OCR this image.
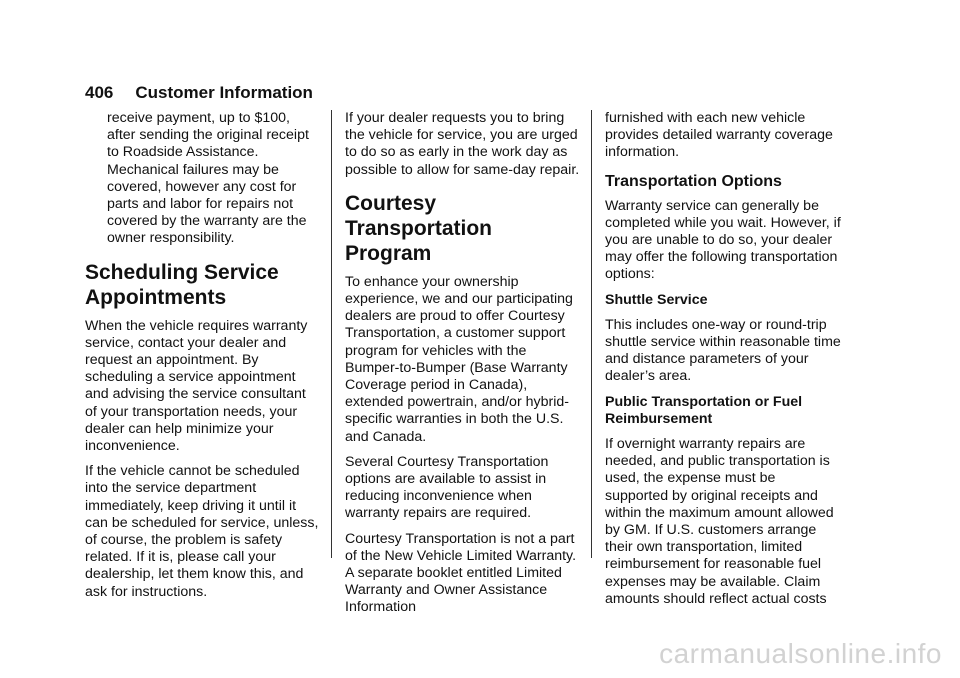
406 Customer Information

receive payment, up to $100, after sending the original receipt to Roadside Assistance. Mechanical failures may be covered, however any cost for parts and labor for repairs not covered by the warranty are the owner responsibility.

Scheduling Service Appointments

When the vehicle requires warranty service, contact your dealer and request an appointment. By scheduling a service appointment and advising the service consultant of your transportation needs, your dealer can help minimize your inconvenience.

If the vehicle cannot be scheduled into the service department immediately, keep driving it until it can be scheduled for service, unless, of course, the problem is safety related. If it is, please call your dealership, let them know this, and ask for instructions.

If your dealer requests you to bring the vehicle for service, you are urged to do so as early in the work day as possible to allow for same-day repair.

Courtesy Transportation Program

To enhance your ownership experience, we and our participating dealers are proud to offer Courtesy Transportation, a customer support program for vehicles with the Bumper-to-Bumper (Base Warranty Coverage period in Canada), extended powertrain, and/or hybrid-specific warranties in both the U.S. and Canada.

Several Courtesy Transportation options are available to assist in reducing inconvenience when warranty repairs are required.

Courtesy Transportation is not a part of the New Vehicle Limited Warranty. A separate booklet entitled Limited Warranty and Owner Assistance Information

furnished with each new vehicle provides detailed warranty coverage information.

Transportation Options

Warranty service can generally be completed while you wait. However, if you are unable to do so, your dealer may offer the following transportation options:

Shuttle Service

This includes one-way or round-trip shuttle service within reasonable time and distance parameters of your dealer’s area.

Public Transportation or Fuel Reimbursement

If overnight warranty repairs are needed, and public transportation is used, the expense must be supported by original receipts and within the maximum amount allowed by GM. If U.S. customers arrange their own transportation, limited reimbursement for reasonable fuel expenses may be available. Claim amounts should reflect actual costs

carmanualsonline.info
